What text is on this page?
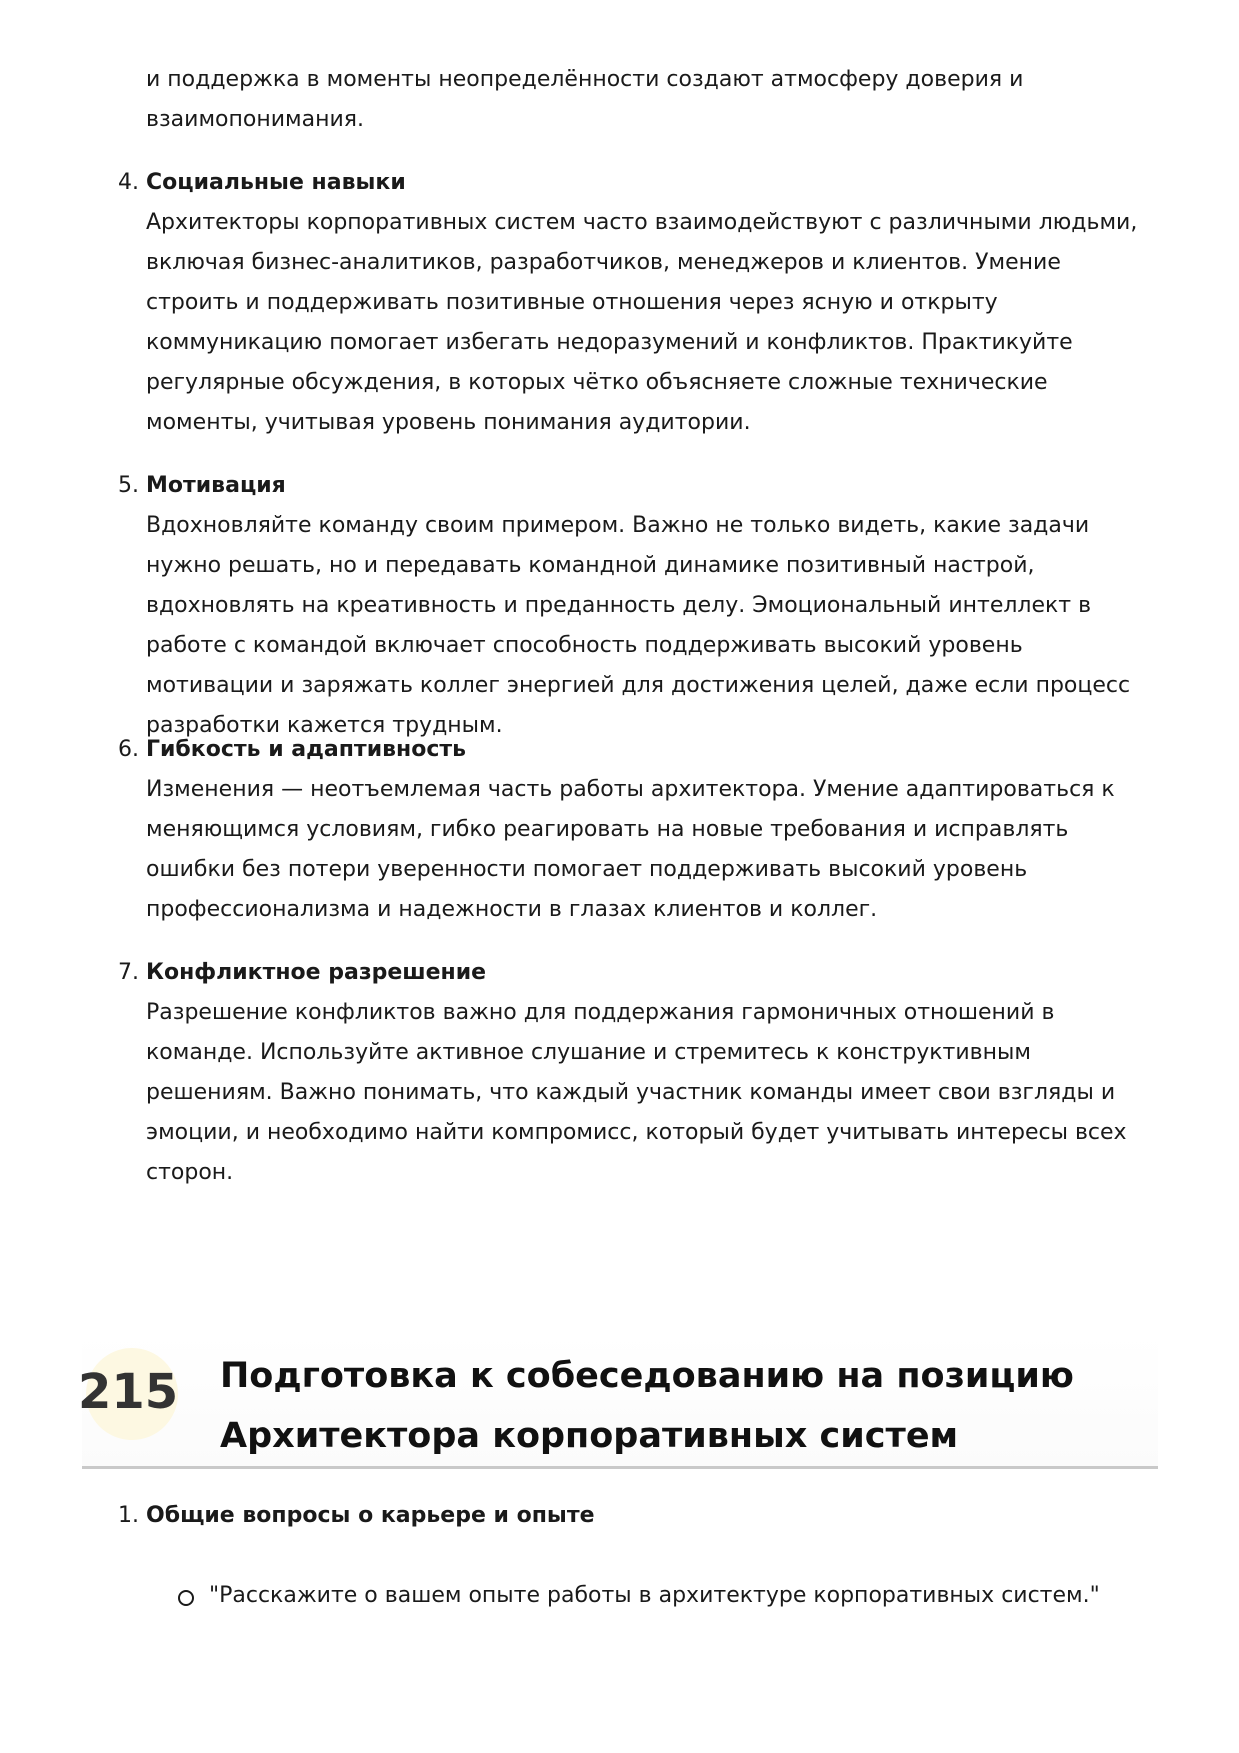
и поддержка в моменты неопределённости создают атмосферу доверия и взаимопонимания.
4. Социальные навыки
Архитекторы корпоративных систем часто взаимодействуют с различными людьми, включая бизнес-аналитиков, разработчиков, менеджеров и клиентов. Умение строить и поддерживать позитивные отношения через ясную и открыту коммуникацию помогает избегать недоразумений и конфликтов. Практикуйте регулярные обсуждения, в которых чётко объясняете сложные технические моменты, учитывая уровень понимания аудитории.
5. Мотивация
Вдохновляйте команду своим примером. Важно не только видеть, какие задачи нужно решать, но и передавать командной динамике позитивный настрой, вдохновлять на креативность и преданность делу. Эмоциональный интеллект в работе с командой включает способность поддерживать высокий уровень мотивации и заряжать коллег энергией для достижения целей, даже если процесс разработки кажется трудным.
6. Гибкость и адаптивность
Изменения — неотъемлемая часть работы архитектора. Умение адаптироваться к меняющимся условиям, гибко реагировать на новые требования и исправлять ошибки без потери уверенности помогает поддерживать высокий уровень профессионализма и надежности в глазах клиентов и коллег.
7. Конфликтное разрешение
Разрешение конфликтов важно для поддержания гармоничных отношений в команде. Используйте активное слушание и стремитесь к конструктивным решениям. Важно понимать, что каждый участник команды имеет свои взгляды и эмоции, и необходимо найти компромисс, который будет учитывать интересы всех сторон.
215	Подготовка к собеседованию на позицию Архитектора корпоративных систем
1. Общие вопросы о карьере и опыте
"Расскажите о вашем опыте работы в архитектуре корпоративных систем."
